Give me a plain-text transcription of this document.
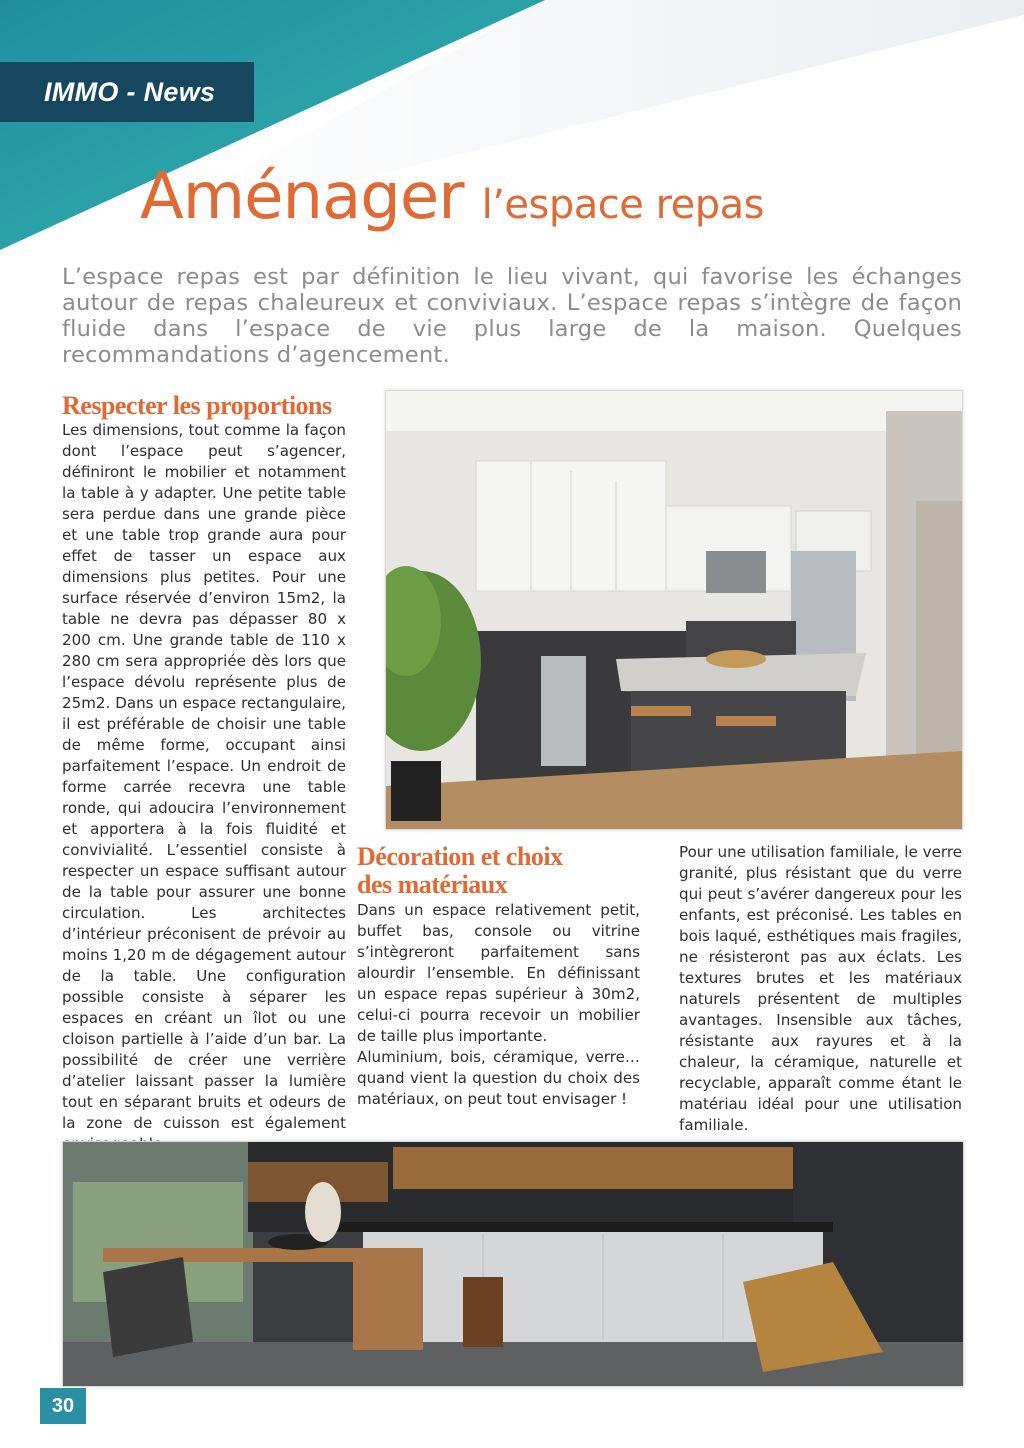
IMMO - News
Aménager l’espace repas

L’espace repas est par définition le lieu vivant, qui favorise les échanges autour de repas chaleureux et conviviaux. L’espace repas s’intègre de façon fluide dans l’espace de vie plus large de la maison. Quelques recommandations d’agencement.

Respecter les proportions

Les dimensions, tout comme la façon dont l’espace peut s’agencer, définiront le mobilier et notamment la table à y adapter. Une petite table sera perdue dans une grande pièce et une table trop grande aura pour effet de tasser un espace aux dimensions plus petites. Pour une surface réservée d’environ 15m2, la table ne devra pas dépasser 80 x 200 cm. Une grande table de 110 x 280 cm sera appropriée dès lors que l’espace dévolu représente plus de 25m2. Dans un espace rectangulaire, il est préférable de choisir une table de même forme, occupant ainsi parfaitement l’espace. Un endroit de forme carrée recevra une table ronde, qui adoucira l’environnement et apportera à la fois fluidité et convivialité. L’essentiel consiste à respecter un espace suffisant autour de la table pour assurer une bonne circulation. Les architectes d’intérieur préconisent de prévoir au moins 1,20 m de dégagement autour de la table. Une configuration possible consiste à séparer les espaces en créant un îlot ou une cloison partielle à l’aide d’un bar. La possibilité de créer une verrière d’atelier laissant passer la lumière tout en séparant bruits et odeurs de la zone de cuisson est également

Décoration et choix
des matériaux

Dans un espace relativement petit, buffet bas, console ou vitrine s’intègreront parfaitement sans alourdir l’ensemble. En définissant un espace repas supérieur à 30m2, celui-ci pourra recevoir un mobilier de taille plus importante.

Aluminium, bois, céramique, verre… quand vient la question du choix des matériaux, on peut tout envisager !

Pour une utilisation familiale, le verre granité, plus résistant que du verre qui peut s’avérer dangereux pour les enfants, est préconisé. Les tables en bois laqué, esthétiques mais fragiles, ne résisteront pas aux éclats. Les textures brutes et les matériaux naturels présentent de multiples avantages. Insensible aux tâches, résistante aux rayures et à la chaleur, la céramique, naturelle et recyclable, apparaît comme étant le matériau idéal pour une utilisation familiale.

30
